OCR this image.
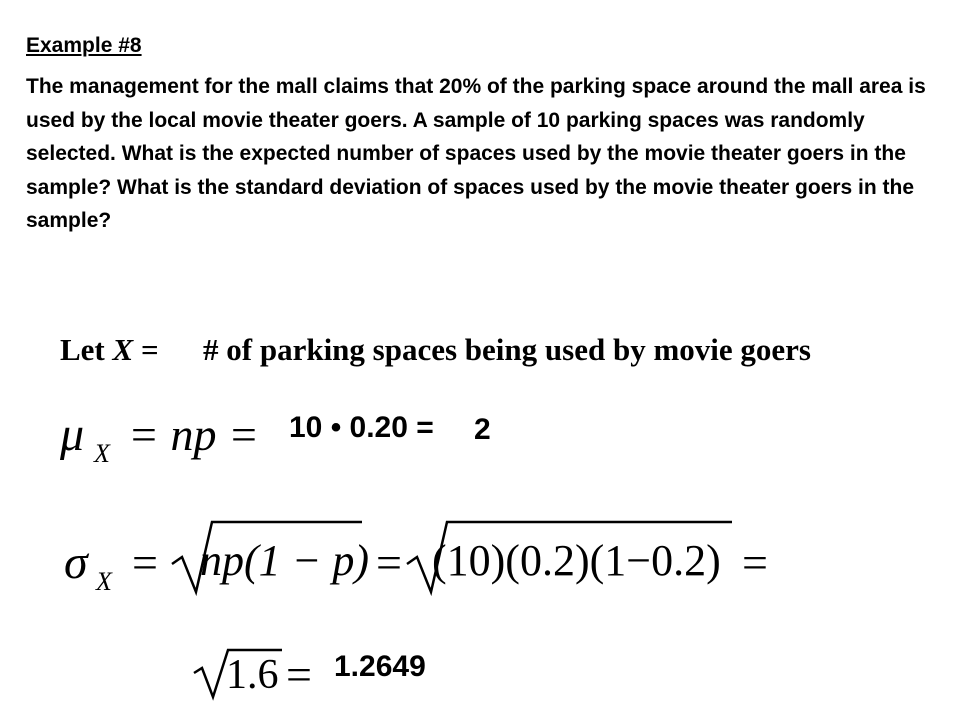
Example #8
The management for the mall claims that 20% of the parking space around the mall area is used by the local movie theater goers. A sample of 10 parking spaces was randomly selected. What is the expected number of spaces used by the movie theater goers in the sample? What is the standard deviation of spaces used by the movie theater goers in the sample?
Let X = # of parking spaces being used by movie goers
μ X = np =
σ X = np(1 − p) = (10)(0.2)(1−0.2) =
1.6 =
10 • 0.20 = 2
1.2649
